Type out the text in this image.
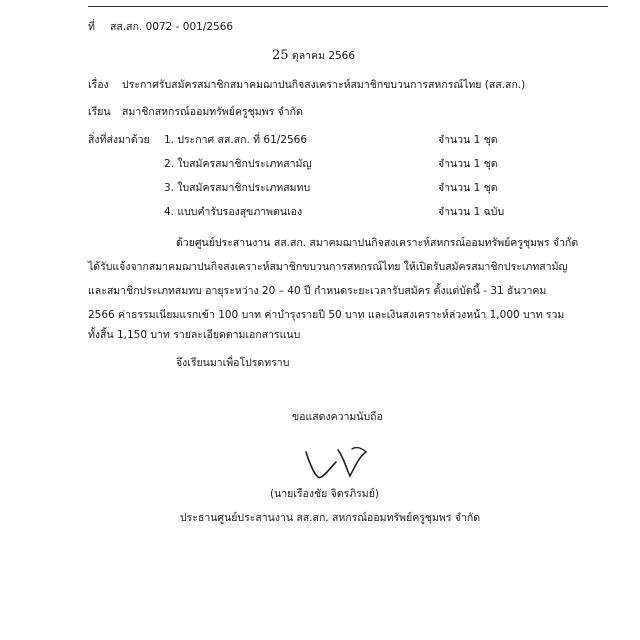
ที่ สส.สก. 0072 - 001/2566
25 ตุลาคม 2566
เรื่อง ประกาศรับสมัครสมาชิกสมาคมฌาปนกิจสงเคราะห์สมาชิกขบวนการสหกรณ์ไทย (สส.สก.)
เรียน สมาชิกสหกรณ์ออมทรัพย์ครูชุมพร จำกัด
สิ่งที่ส่งมาด้วย 1. ประกาศ สส.สก. ที่ 61/2566	จำนวน 1 ชุด
2. ใบสมัครสมาชิกประเภทสามัญ	จำนวน 1 ชุด
3. ใบสมัครสมาชิกประเภทสมทบ	จำนวน 1 ชุด
4. แบบคำรับรองสุขภาพตนเอง	จำนวน 1 ฉบับ
ด้วยศูนย์ประสานงาน สส.สก. สมาคมฌาปนกิจสงเคราะห์สหกรณ์ออมทรัพย์ครูชุมพร จำกัด
ได้รับแจ้งจากสมาคมฌาปนกิจสงเคราะห์สมาชิกขบวนการสหกรณ์ไทย ให้เปิดรับสมัครสมาชิกประเภทสามัญ
และสมาชิกประเภทสมทบ อายุระหว่าง 20 – 40 ปี กำหนดระยะเวลารับสมัคร ตั้งแต่บัดนี้ - 31 ธันวาคม
2566 ค่าธรรมเนียมแรกเข้า 100 บาท ค่าบำรุงรายปี 50 บาท และเงินสงเคราะห์ล่วงหน้า 1,000 บาท รวม
ทั้งสิ้น 1,150 บาท รายละเอียดตามเอกสารแนบ
จึงเรียนมาเพื่อโปรดทราบ
ขอแสดงความนับถือ
(นายเรืองชัย จิตรภิรมย์)
ประธานศูนย์ประสานงาน สส.สก. สหกรณ์ออมทรัพย์ครูชุมพร จำกัด
